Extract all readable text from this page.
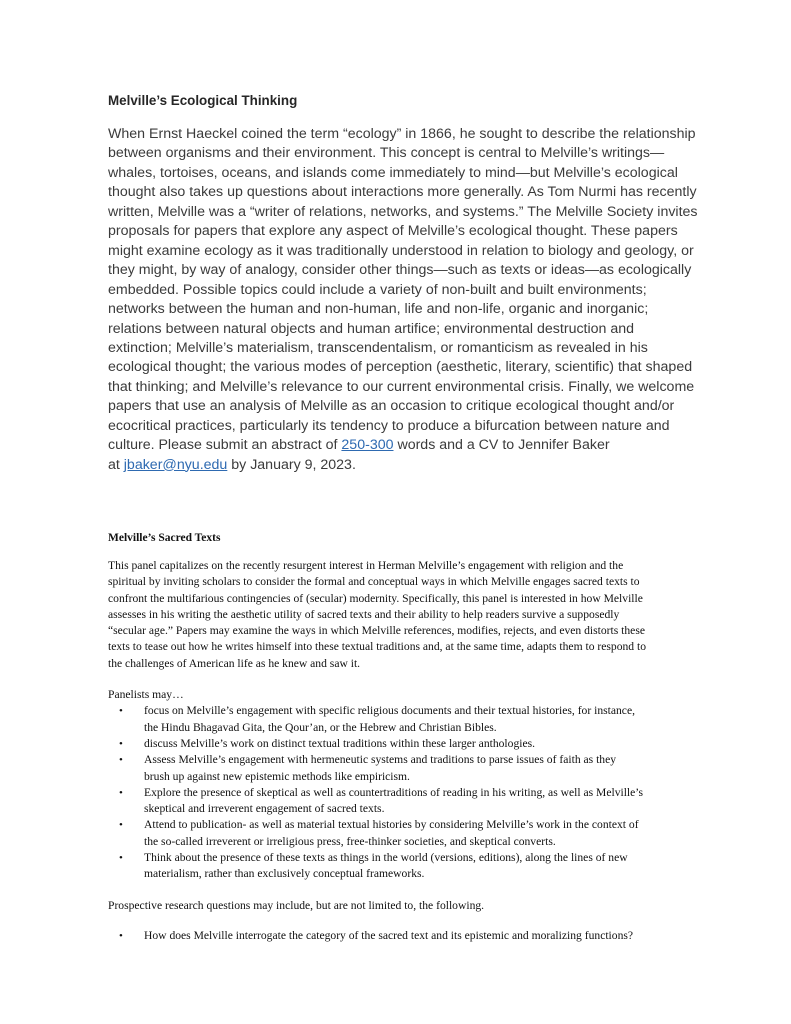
Melville’s Ecological Thinking

When Ernst Haeckel coined the term “ecology” in 1866, he sought to describe the relationship
between organisms and their environment. This concept is central to Melville’s writings—
whales, tortoises, oceans, and islands come immediately to mind—but Melville’s ecological
thought also takes up questions about interactions more generally. As Tom Nurmi has recently
written, Melville was a “writer of relations, networks, and systems.” The Melville Society invites
proposals for papers that explore any aspect of Melville’s ecological thought. These papers
might examine ecology as it was traditionally understood in relation to biology and geology, or
they might, by way of analogy, consider other things—such as texts or ideas—as ecologically
embedded. Possible topics could include a variety of non-built and built environments;
networks between the human and non-human, life and non-life, organic and inorganic;
relations between natural objects and human artifice; environmental destruction and
extinction; Melville’s materialism, transcendentalism, or romanticism as revealed in his
ecological thought; the various modes of perception (aesthetic, literary, scientific) that shaped
that thinking; and Melville’s relevance to our current environmental crisis. Finally, we welcome
papers that use an analysis of Melville as an occasion to critique ecological thought and/or
ecocritical practices, particularly its tendency to produce a bifurcation between nature and
culture. Please submit an abstract of 250-300 words and a CV to Jennifer Baker
at jbaker@nyu.edu by January 9, 2023.

Melville’s Sacred Texts

This panel capitalizes on the recently resurgent interest in Herman Melville’s engagement with religion and the
spiritual by inviting scholars to consider the formal and conceptual ways in which Melville engages sacred texts to
confront the multifarious contingencies of (secular) modernity. Specifically, this panel is interested in how Melville
assesses in his writing the aesthetic utility of sacred texts and their ability to help readers survive a supposedly
“secular age.” Papers may examine the ways in which Melville references, modifies, rejects, and even distorts these
texts to tease out how he writes himself into these textual traditions and, at the same time, adapts them to respond to
the challenges of American life as he knew and saw it.

Panelists may…

• focus on Melville’s engagement with specific religious documents and their textual histories, for instance,
the Hindu Bhagavad Gita, the Qour’an, or the Hebrew and Christian Bibles.
• discuss Melville’s work on distinct textual traditions within these larger anthologies.
• Assess Melville’s engagement with hermeneutic systems and traditions to parse issues of faith as they
brush up against new epistemic methods like empiricism.
• Explore the presence of skeptical as well as countertraditions of reading in his writing, as well as Melville’s
skeptical and irreverent engagement of sacred texts.
• Attend to publication- as well as material textual histories by considering Melville’s work in the context of
the so-called irreverent or irreligious press, free-thinker societies, and skeptical converts.
• Think about the presence of these texts as things in the world (versions, editions), along the lines of new
materialism, rather than exclusively conceptual frameworks.

Prospective research questions may include, but are not limited to, the following.

• How does Melville interrogate the category of the sacred text and its epistemic and moralizing functions?
